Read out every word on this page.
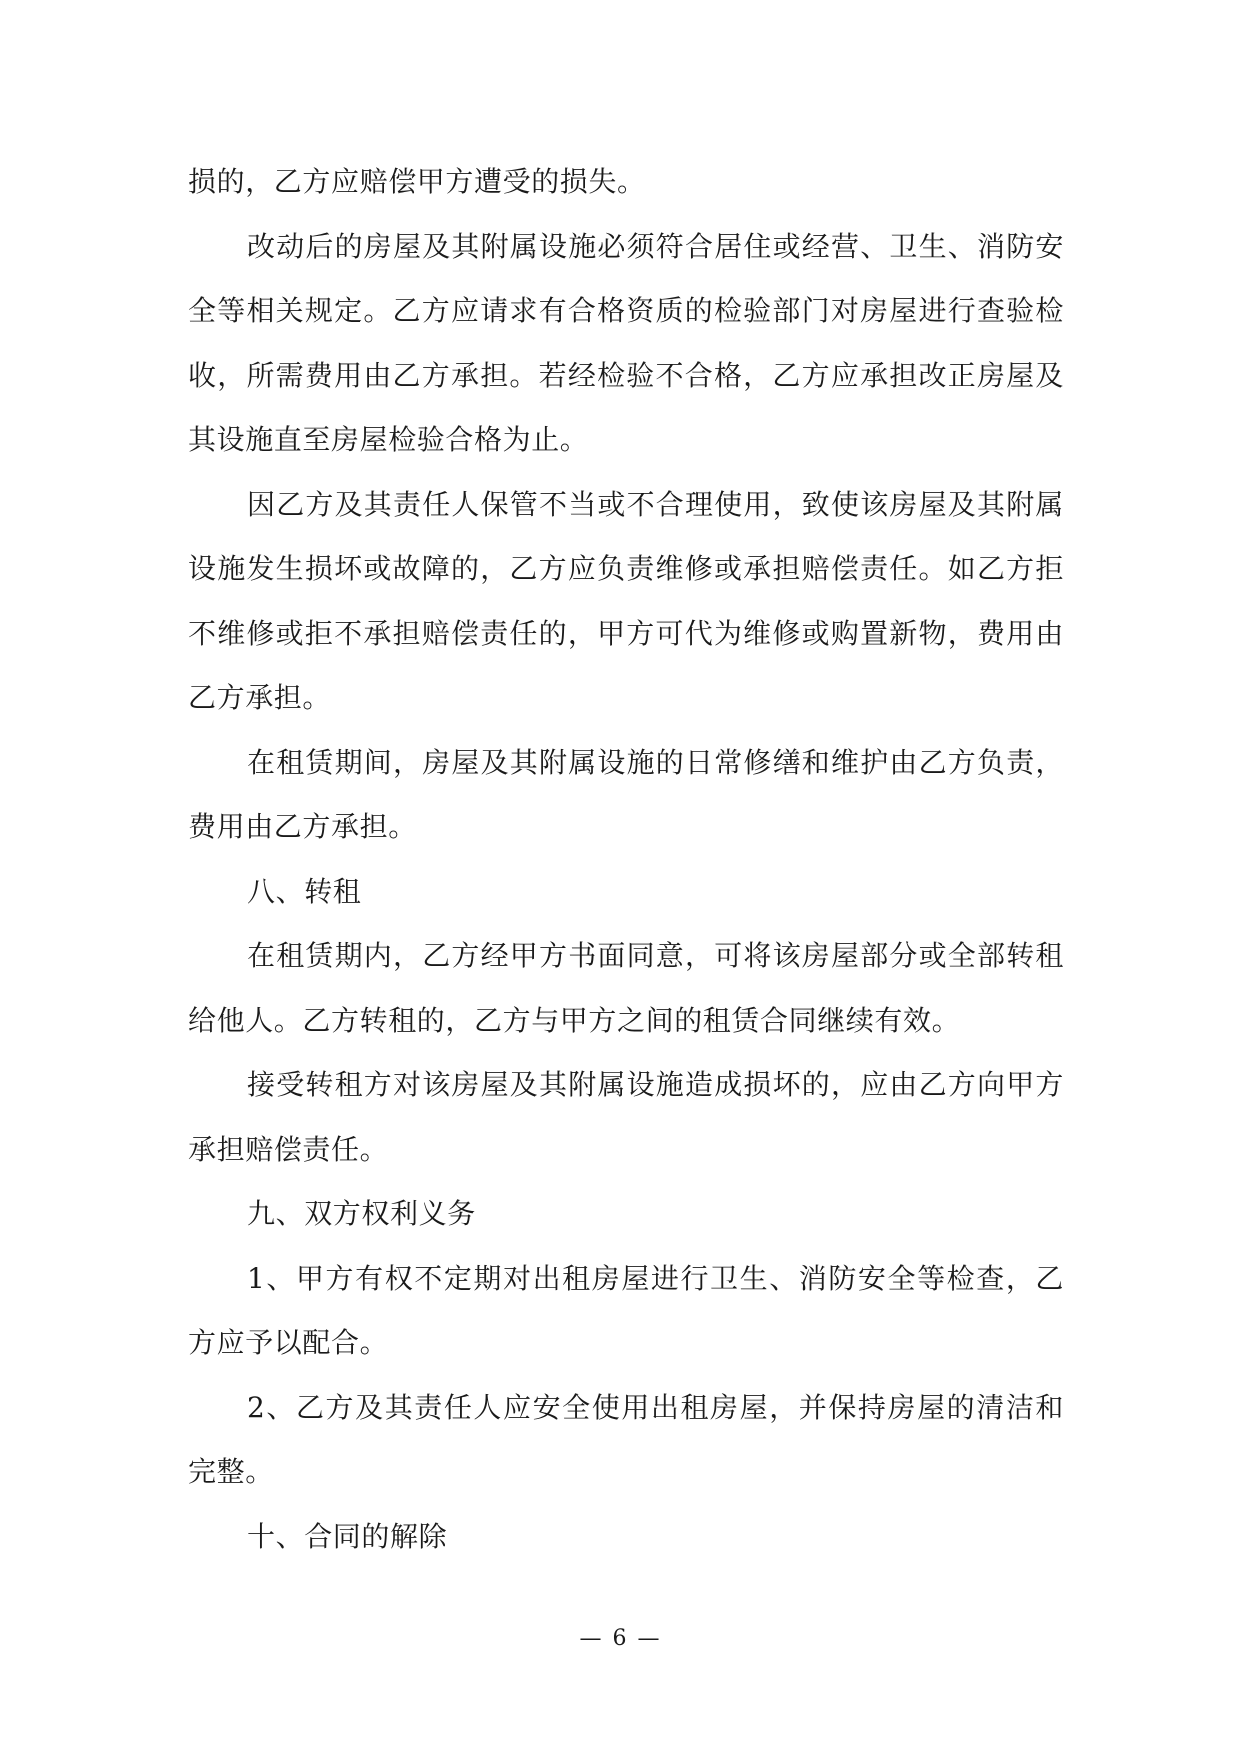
损的，乙方应赔偿甲方遭受的损失。

改动后的房屋及其附属设施必须符合居住或经营、卫生、消防安全等相关规定。乙方应请求有合格资质的检验部门对房屋进行查验检收，所需费用由乙方承担。若经检验不合格，乙方应承担改正房屋及其设施直至房屋检验合格为止。

因乙方及其责任人保管不当或不合理使用，致使该房屋及其附属设施发生损坏或故障的，乙方应负责维修或承担赔偿责任。如乙方拒不维修或拒不承担赔偿责任的，甲方可代为维修或购置新物，费用由乙方承担。

在租赁期间，房屋及其附属设施的日常修缮和维护由乙方负责，费用由乙方承担。

八、转租

在租赁期内，乙方经甲方书面同意，可将该房屋部分或全部转租给他人。乙方转租的，乙方与甲方之间的租赁合同继续有效。

接受转租方对该房屋及其附属设施造成损坏的，应由乙方向甲方承担赔偿责任。

九、双方权利义务

1、甲方有权不定期对出租房屋进行卫生、消防安全等检查，乙方应予以配合。

2、乙方及其责任人应安全使用出租房屋，并保持房屋的清洁和完整。

十、合同的解除

— 6 —
